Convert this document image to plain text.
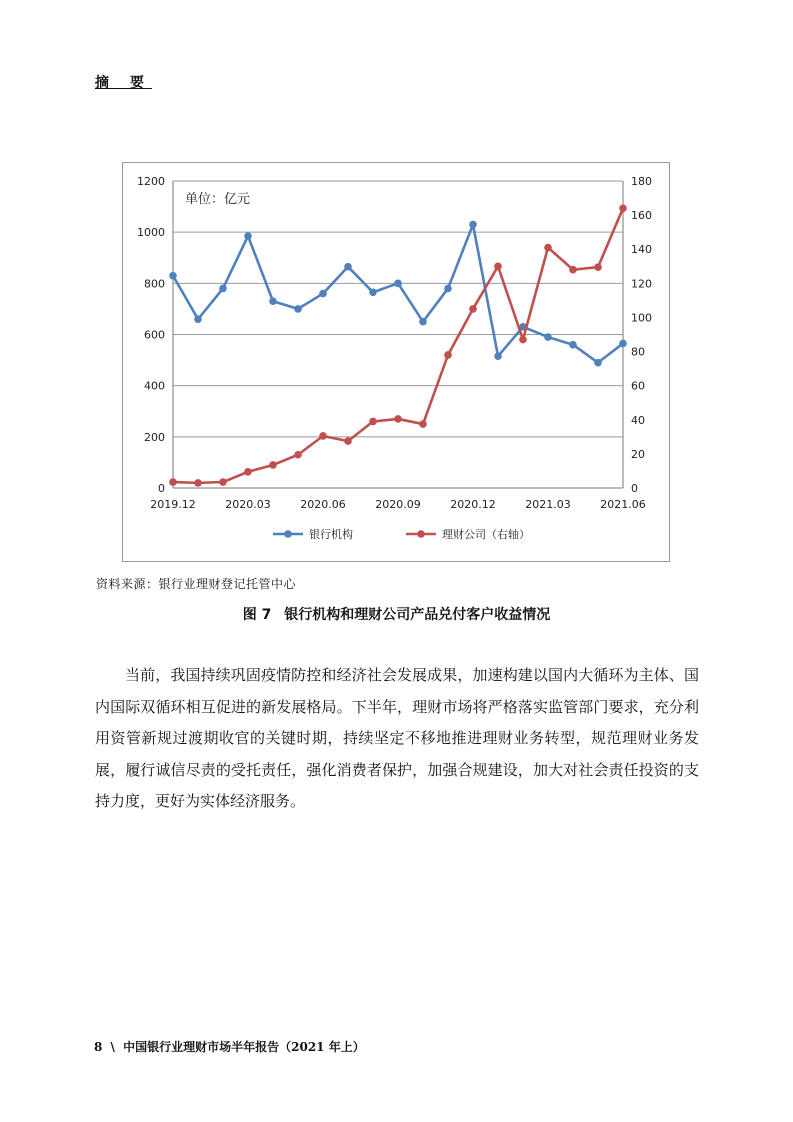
摘 要
0
200
400
600
800
1000
1200
0
20
40
60
80
100
120
140
160
180
2019.12	2020.03	2020.06	2020.09	2020.12	2021.03	2021.06
单位：亿元
银行机构	理财公司（右轴）
资料来源：银行业理财登记托管中心
图 7 银行机构和理财公司产品兑付客户收益情况

当前，我国持续巩固疫情防控和经济社会发展成果，加速构建以国内大循环为主体、国内国际双循环相互促进的新发展格局。下半年，理财市场将严格落实监管部门要求，充分利用资管新规过渡期收官的关键时期，持续坚定不移地推进理财业务转型，规范理财业务发展，履行诚信尽责的受托责任，强化消费者保护，加强合规建设，加大对社会责任投资的支持力度，更好为实体经济服务。

8 \ 中国银行业理财市场半年报告（2021 年上）
